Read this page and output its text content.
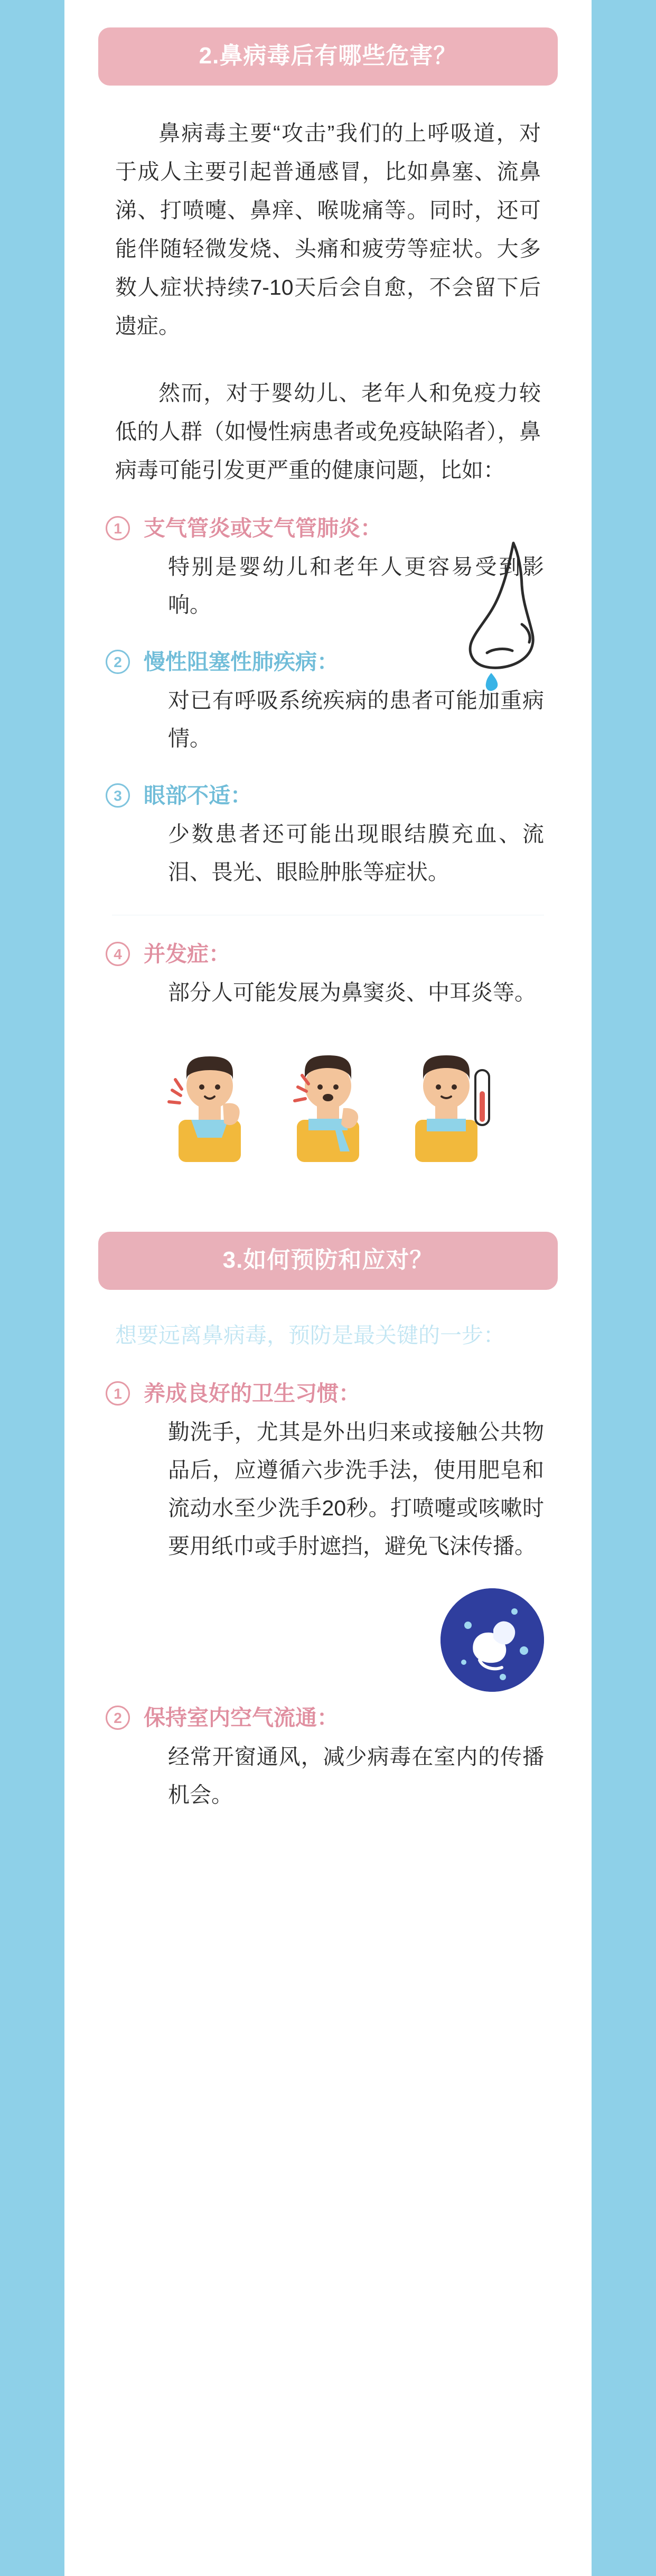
2.鼻病毒后有哪些危害？

鼻病毒主要“攻击”我们的上呼吸道，对于成人主要引起普通感冒，比如鼻塞、流鼻涕、打喷嚏、鼻痒、喉咙痛等。同时，还可能伴随轻微发烧、头痛和疲劳等症状。大多数人症状持续7-10天后会自愈，不会留下后遗症。

然而，对于婴幼儿、老年人和免疫力较低的人群（如慢性病患者或免疫缺陷者），鼻病毒可能引发更严重的健康问题，比如：

1	支气管炎或支气管肺炎：
特别是婴幼儿和老年人更容易受到影响。
2	慢性阻塞性肺疾病：
对已有呼吸系统疾病的患者可能加重病情。
3	眼部不适：
少数患者还可能出现眼结膜充血、流泪、畏光、眼睑肿胀等症状。
4	并发症：
部分人可能发展为鼻窦炎、中耳炎等。
3.如何预防和应对？

想要远离鼻病毒，预防是最关键的一步：

1	养成良好的卫生习惯：
勤洗手，尤其是外出归来或接触公共物品后，应遵循六步洗手法，使用肥皂和流动水至少洗手20秒。打喷嚏或咳嗽时要用纸巾或手肘遮挡，避免飞沫传播。
2	保持室内空气流通：
经常开窗通风，减少病毒在室内的传播机会。
